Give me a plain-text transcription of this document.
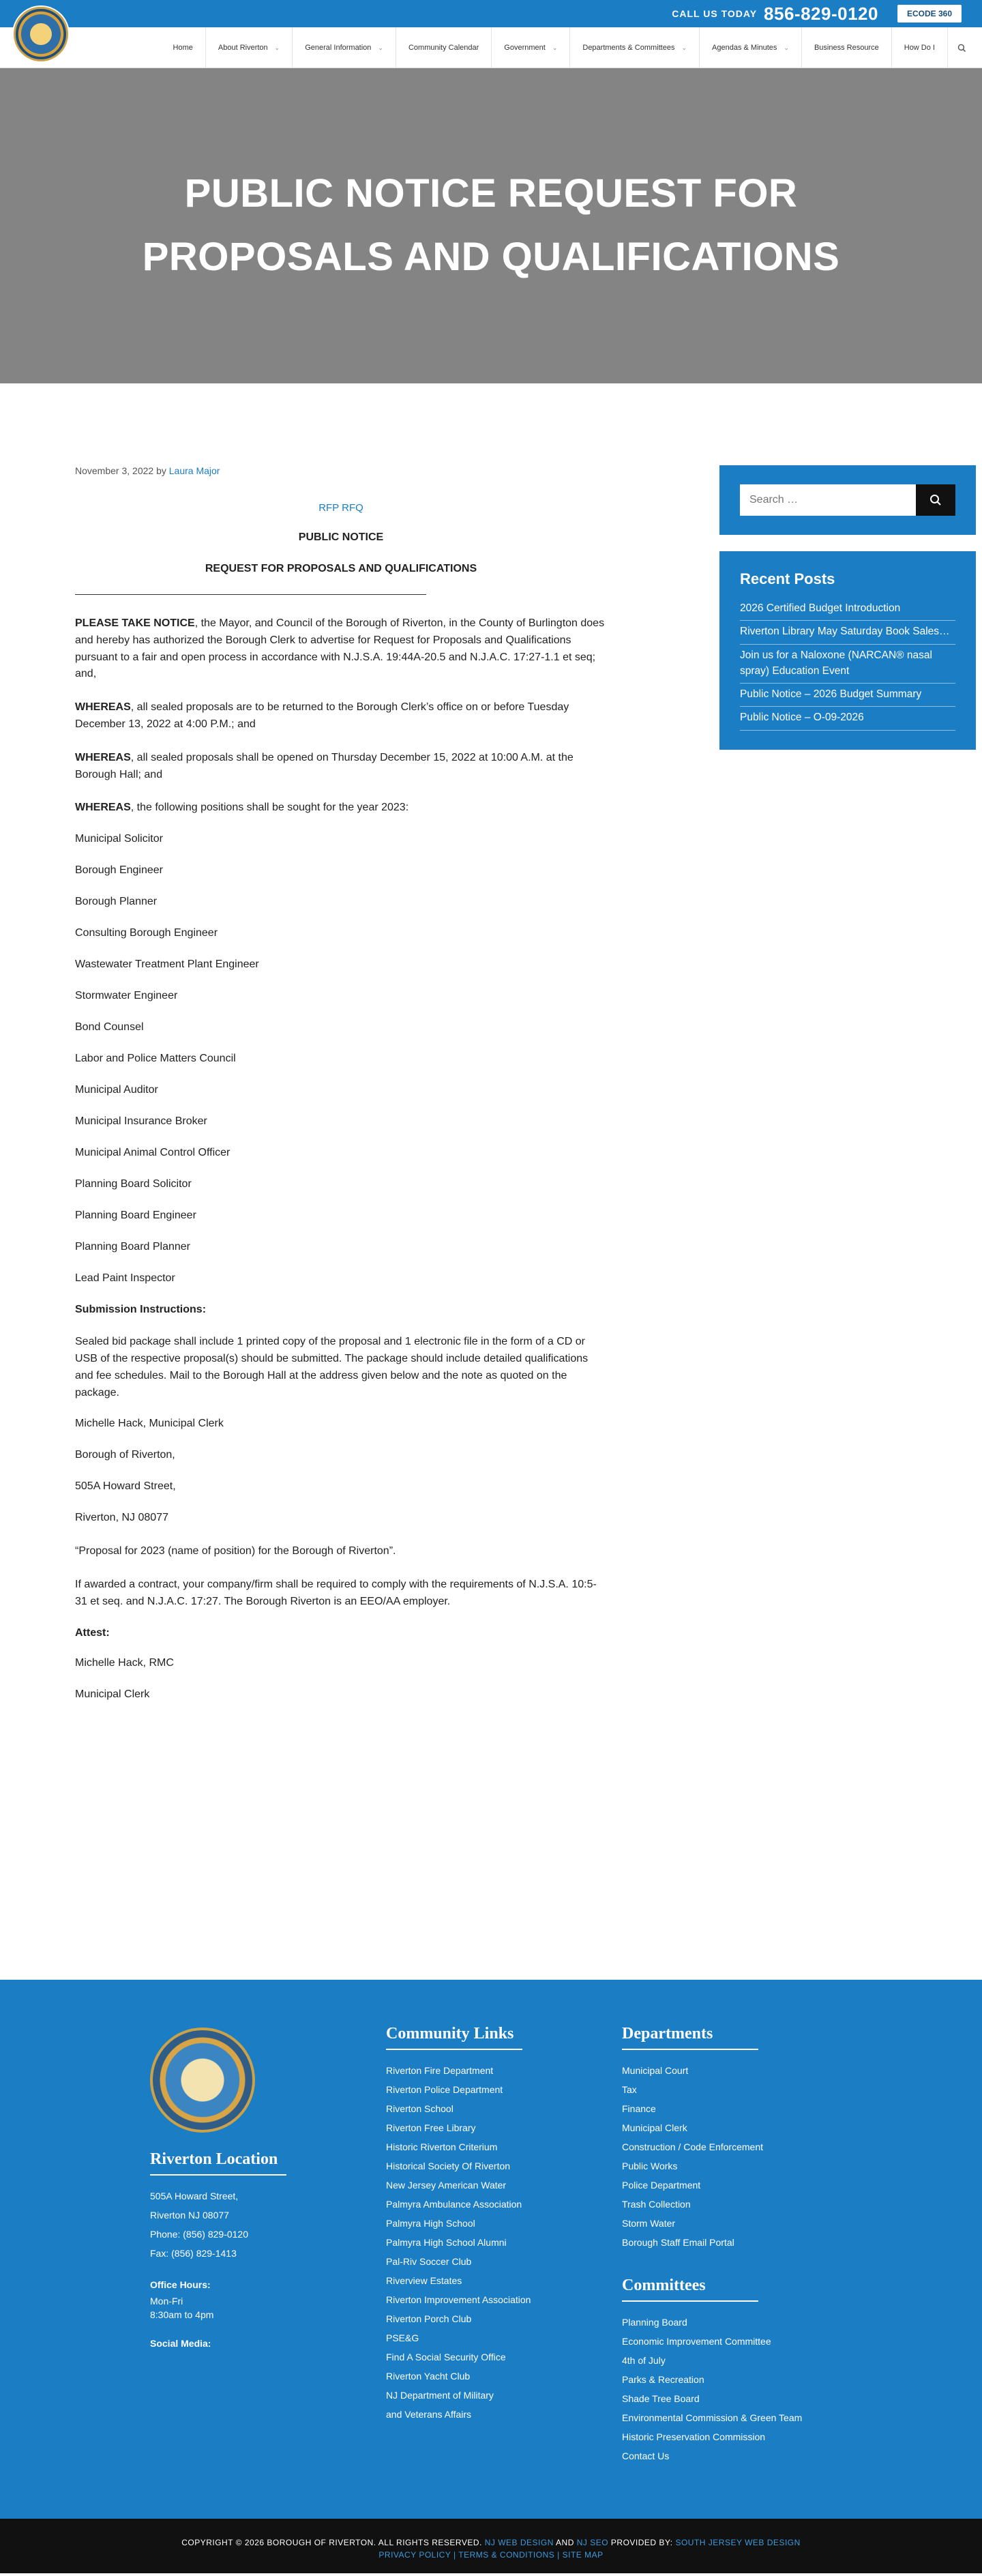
CALL US TODAY 856-829-0120	ECODE 360
Home	About Riverton ⌄	General Information ⌄	Community Calendar	Government ⌄	Departments & Committees ⌄	Agendas & Minutes ⌄	Business Resource	How Do I
PUBLIC NOTICE REQUEST FOR PROPOSALS AND QUALIFICATIONS
November 3, 2022 by Laura Major
RFP RFQ
PUBLIC NOTICE
REQUEST FOR PROPOSALS AND QUALIFICATIONS

PLEASE TAKE NOTICE, the Mayor, and Council of the Borough of Riverton, in the County of Burlington does and hereby has authorized the Borough Clerk to advertise for Request for Proposals and Qualifications pursuant to a fair and open process in accordance with N.J.S.A. 19:44A-20.5 and N.J.A.C. 17:27-1.1 et seq; and,

WHEREAS, all sealed proposals are to be returned to the Borough Clerk’s office on or before Tuesday December 13, 2022 at 4:00 P.M.; and

WHEREAS, all sealed proposals shall be opened on Thursday December 15, 2022 at 10:00 A.M. at the Borough Hall; and

WHEREAS, the following positions shall be sought for the year 2023:

Municipal Solicitor
Borough Engineer
Borough Planner
Consulting Borough Engineer
Wastewater Treatment Plant Engineer
Stormwater Engineer
Bond Counsel
Labor and Police Matters Council
Municipal Auditor
Municipal Insurance Broker
Municipal Animal Control Officer
Planning Board Solicitor
Planning Board Engineer
Planning Board Planner
Lead Paint Inspector
Submission Instructions:

Sealed bid package shall include 1 printed copy of the proposal and 1 electronic file in the form of a CD or USB of the respective proposal(s) should be submitted. The package should include detailed qualifications and fee schedules. Mail to the Borough Hall at the address given below and the note as quoted on the package.

Michelle Hack, Municipal Clerk
Borough of Riverton,
505A Howard Street,
Riverton, NJ 08077

“Proposal for 2023 (name of position) for the Borough of Riverton”.

If awarded a contract, your company/firm shall be required to comply with the requirements of N.J.S.A. 10:5-31 et seq. and N.J.A.C. 17:27. The Borough Riverton is an EEO/AA employer.

Attest:
Michelle Hack, RMC
Municipal Clerk
Search …
Recent Posts
2026 Certified Budget Introduction
Riverton Library May Saturday Book Sales…
Join us for a Naloxone (NARCAN® nasal spray) Education Event
Public Notice – 2026 Budget Summary
Public Notice – O-09-2026
Riverton Location
505A Howard Street,
Riverton NJ 08077
Phone: (856) 829-0120
Fax: (856) 829-1413
Office Hours:
Mon-Fri
8:30am to 4pm
Social Media:
Community Links
Riverton Fire Department
Riverton Police Department
Riverton School
Riverton Free Library
Historic Riverton Criterium
Historical Society Of Riverton
New Jersey American Water
Palmyra Ambulance Association
Palmyra High School
Palmyra High School Alumni
Pal-Riv Soccer Club
Riverview Estates
Riverton Improvement Association
Riverton Porch Club
PSE&G
Find A Social Security Office
Riverton Yacht Club
NJ Department of Military
and Veterans Affairs
Departments
Municipal Court
Tax
Finance
Municipal Clerk
Construction / Code Enforcement
Public Works
Police Department
Trash Collection
Storm Water
Borough Staff Email Portal
Committees
Planning Board
Economic Improvement Committee
4th of July
Parks & Recreation
Shade Tree Board
Environmental Commission & Green Team
Historic Preservation Commission
Contact Us
COPYRIGHT © 2026 BOROUGH OF RIVERTON. ALL RIGHTS RESERVED. NJ WEB DESIGN AND NJ SEO PROVIDED BY: SOUTH JERSEY WEB DESIGN
PRIVACY POLICY | TERMS & CONDITIONS | SITE MAP
